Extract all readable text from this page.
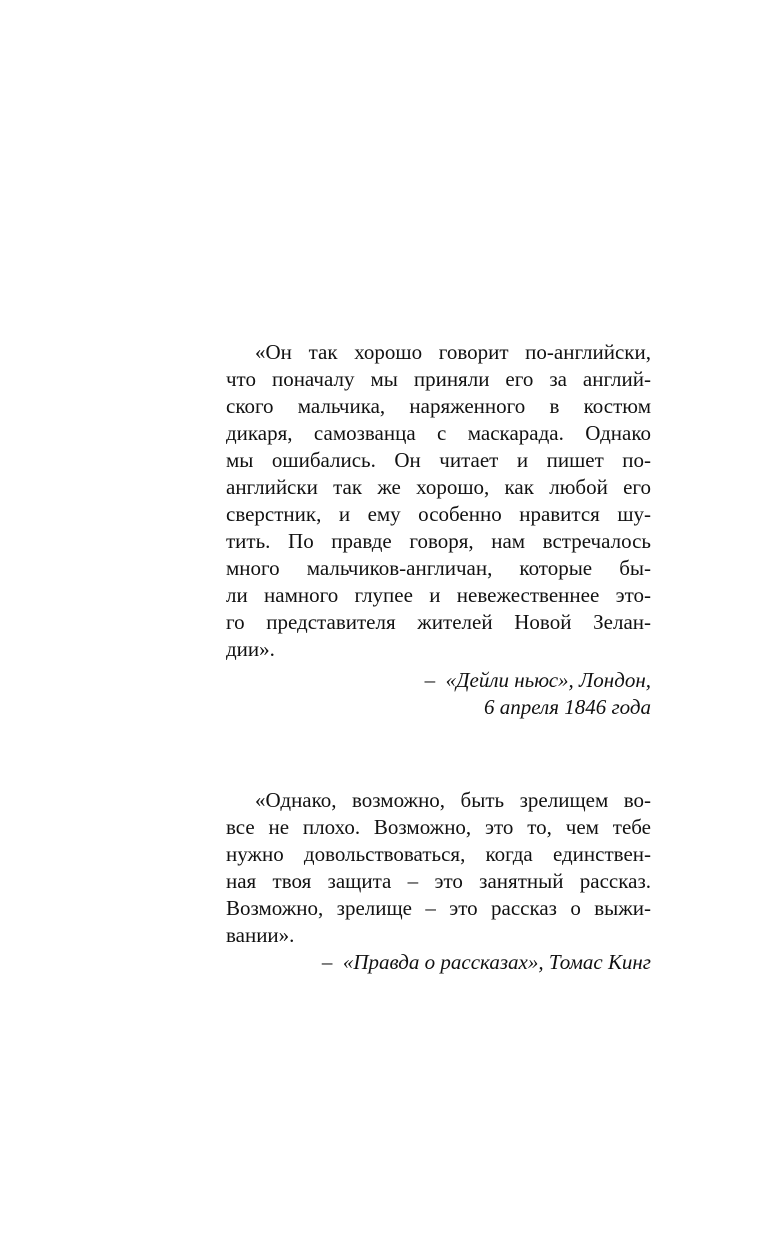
«Он так хорошо говорит по-английски,
что поначалу мы приняли его за англий-
ского мальчика, наряженного в костюм
дикаря, самозванца с маскарада. Однако
мы ошибались. Он читает и пишет по-
английски так же хорошо, как любой его
сверстник, и ему особенно нравится шу-
тить. По правде говоря, нам встречалось
много мальчиков-англичан, которые бы-
ли намного глупее и невежественнее это-
го представителя жителей Новой Зелан-
дии».
– «Дейли ньюс», Лондон,
6 апреля 1846 года
«Однако, возможно, быть зрелищем во-
все не плохо. Возможно, это то, чем тебе
нужно довольствоваться, когда единствен-
ная твоя защита – это занятный рассказ.
Возможно, зрелище – это рассказ о выжи-
вании».
– «Правда о рассказах», Томас Кинг
